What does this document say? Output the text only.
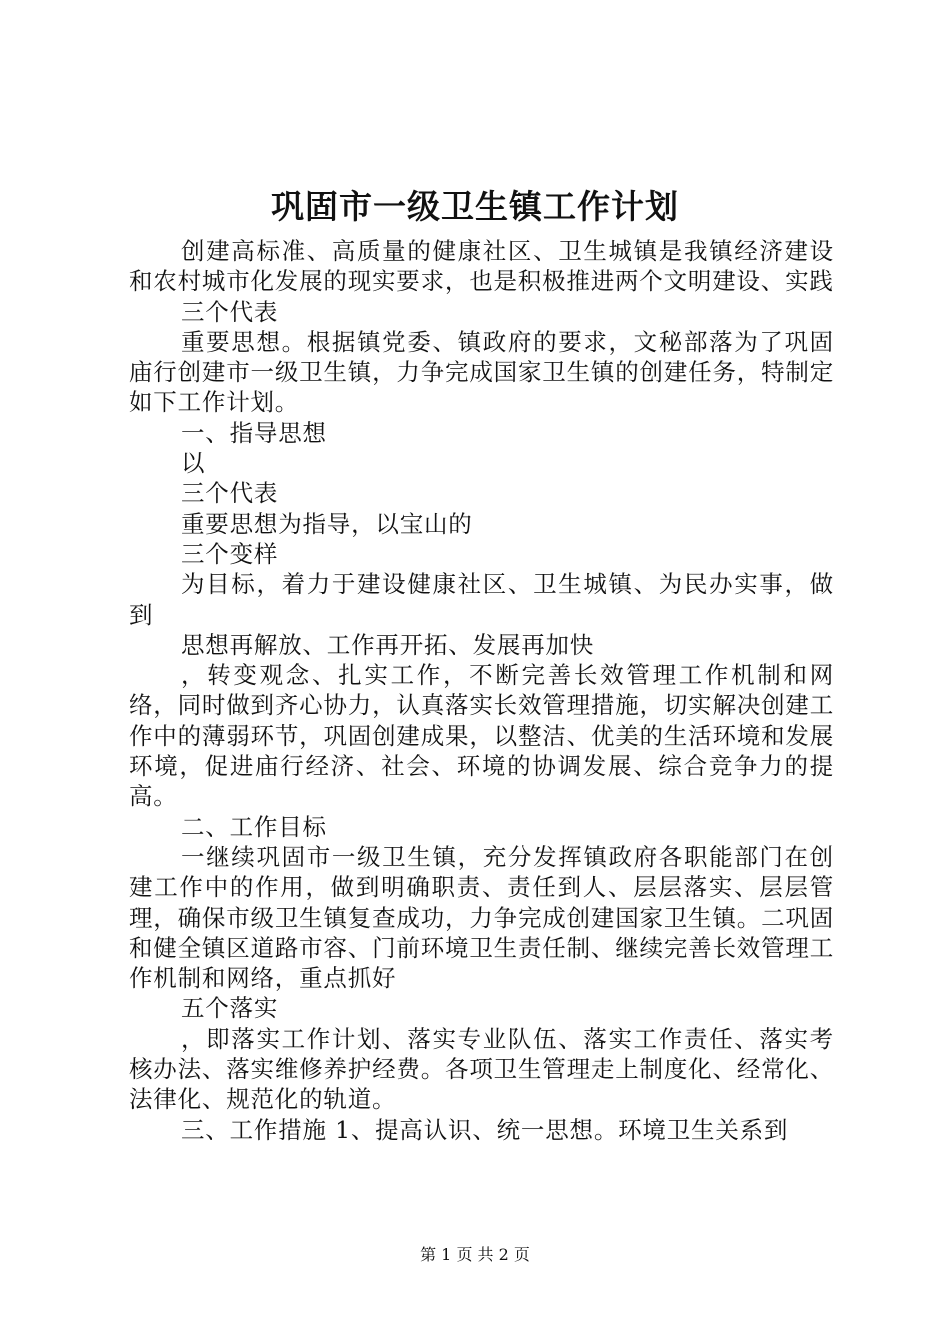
巩固市一级卫生镇工作计划

创建高标准、高质量的健康社区、卫生城镇是我镇经济建设和农村城市化发展的现实要求，也是积极推进两个文明建设、实践

三个代表

重要思想。根据镇党委、镇政府的要求，文秘部落为了巩固庙行创建市一级卫生镇，力争完成国家卫生镇的创建任务，特制定如下工作计划。

一、指导思想

以

三个代表

重要思想为指导，以宝山的

三个变样

为目标，着力于建设健康社区、卫生城镇、为民办实事，做到

思想再解放、工作再开拓、发展再加快

，转变观念、扎实工作，不断完善长效管理工作机制和网络，同时做到齐心协力，认真落实长效管理措施，切实解决创建工作中的薄弱环节，巩固创建成果，以整洁、优美的生活环境和发展环境，促进庙行经济、社会、环境的协调发展、综合竞争力的提高。

二、工作目标

一继续巩固市一级卫生镇，充分发挥镇政府各职能部门在创建工作中的作用，做到明确职责、责任到人、层层落实、层层管理，确保市级卫生镇复查成功，力争完成创建国家卫生镇。二巩固和健全镇区道路市容、门前环境卫生责任制、继续完善长效管理工作机制和网络，重点抓好

五个落实

，即落实工作计划、落实专业队伍、落实工作责任、落实考核办法、落实维修养护经费。各项卫生管理走上制度化、经常化、法律化、规范化的轨道。

三、工作措施 1、提高认识、统一思想。环境卫生关系到

第 1 页 共 2 页
